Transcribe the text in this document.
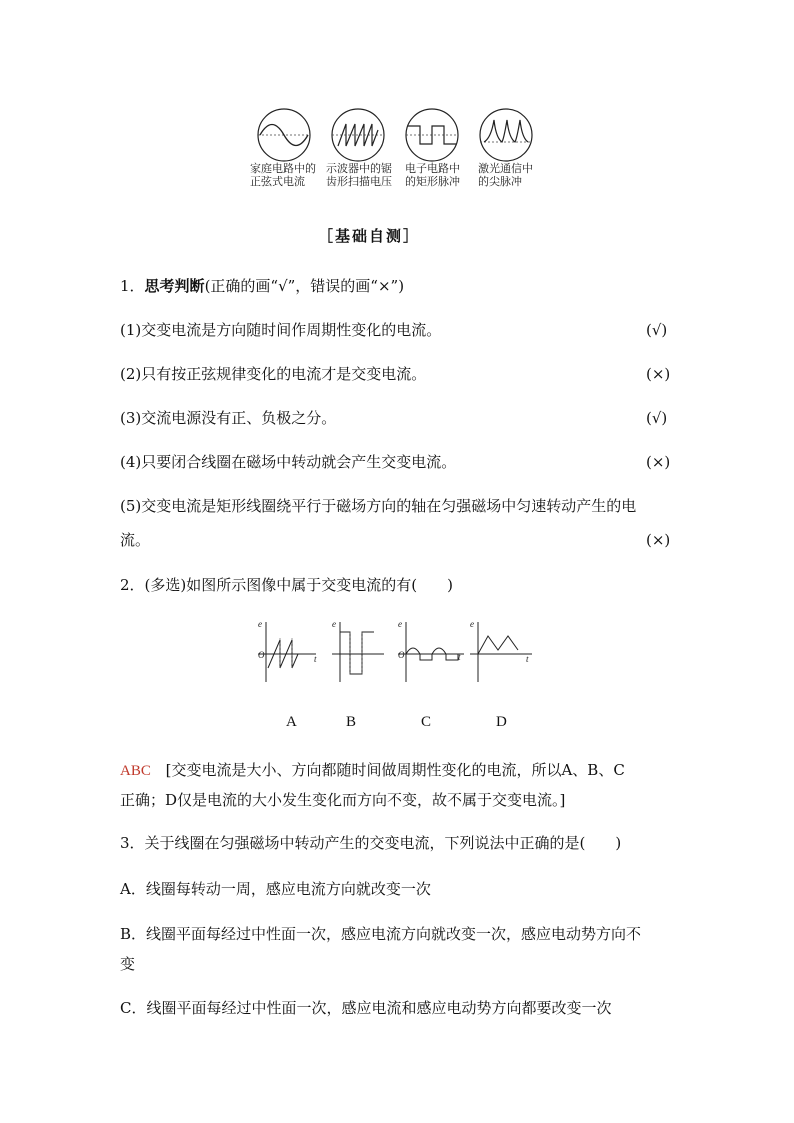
家庭电路中的
正弦式电流
示波器中的锯
齿形扫描电压
电子电路中
的矩形脉冲
激光通信中
的尖脉冲
［基础自测］
1．思考判断(正确的画“√”，错误的画“×”)
(1)交变电流是方向随时间作周期性变化的电流。	(√)
(2)只有按正弦规律变化的电流才是交变电流。	(×)
(3)交流电源没有正、负极之分。	(√)
(4)只要闭合线圈在磁场中转动就会产生交变电流。	(×)
(5)交变电流是矩形线圈绕平行于磁场方向的轴在匀强磁场中匀速转动产生的电
流。	(×)
2．(多选)如图所示图像中属于交变电流的有(　　)
e
O	t
e	e
O	t
e
t
A	B	C	D
ABC [交变电流是大小、方向都随时间做周期性变化的电流，所以A、B、C
正确；D仅是电流的大小发生变化而方向不变，故不属于交变电流。]
3．关于线圈在匀强磁场中转动产生的交变电流，下列说法中正确的是(　　)
A．线圈每转动一周，感应电流方向就改变一次
B．线圈平面每经过中性面一次，感应电流方向就改变一次，感应电动势方向不
变
C．线圈平面每经过中性面一次，感应电流和感应电动势方向都要改变一次
